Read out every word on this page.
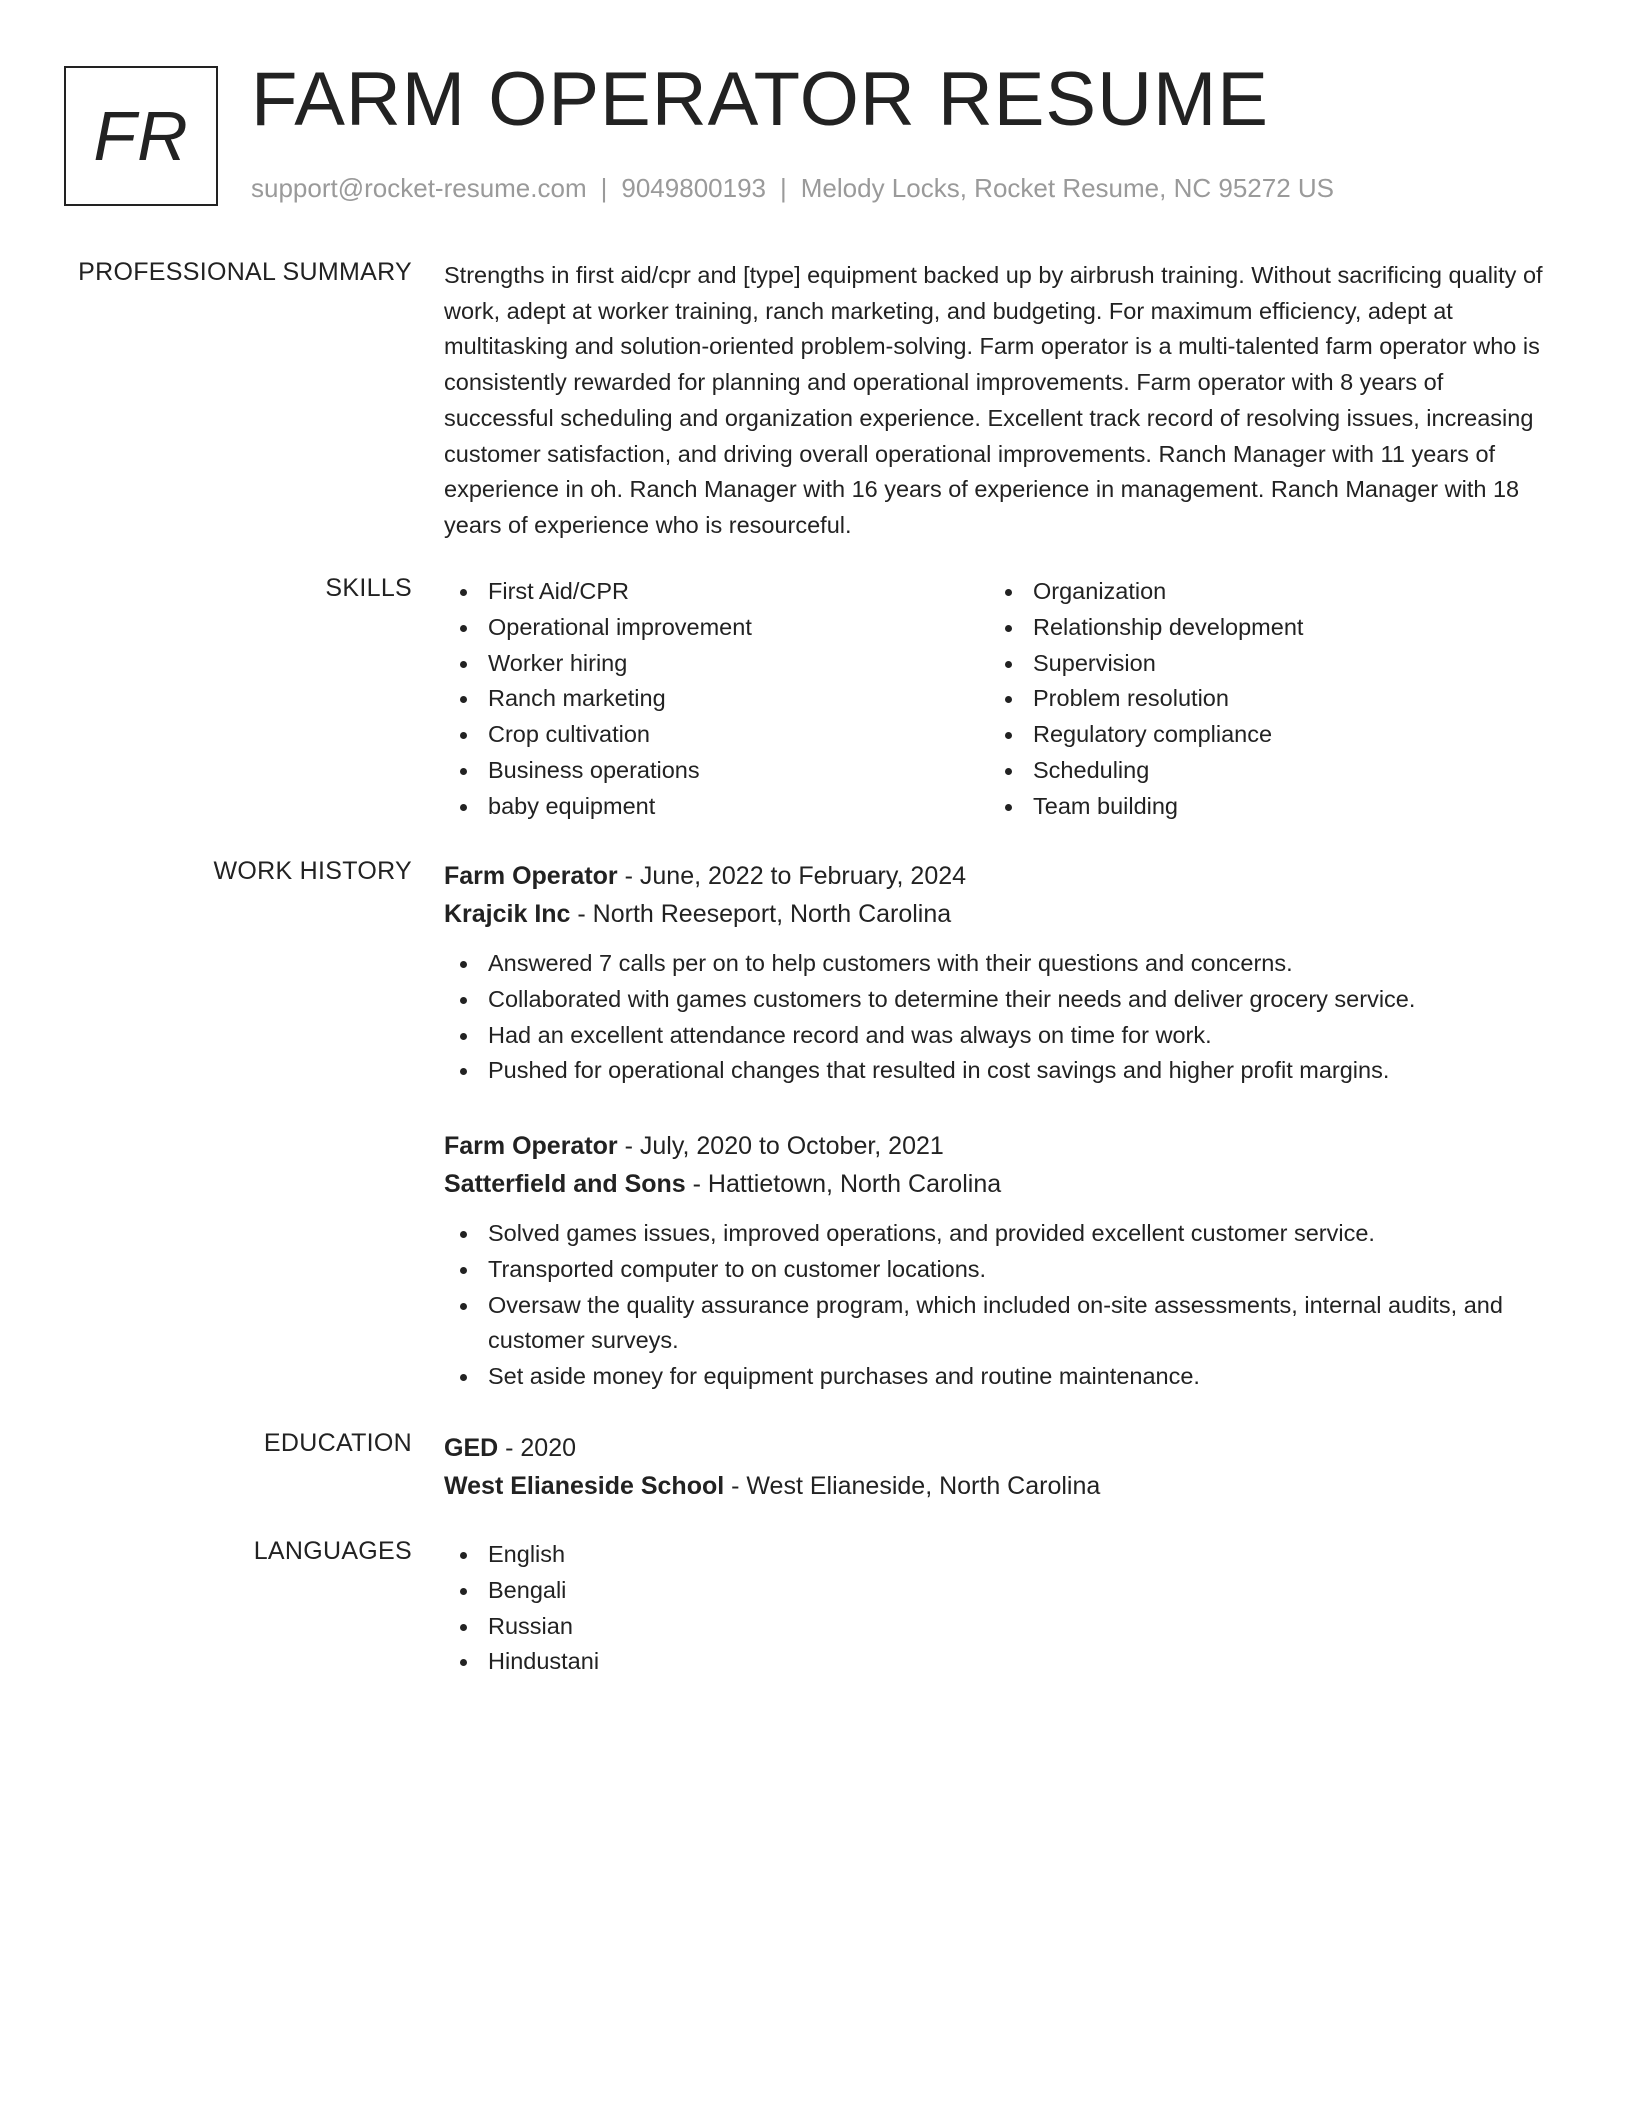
FR FARM OPERATOR RESUME
support@rocket-resume.com | 9049800193 | Melody Locks, Rocket Resume, NC 95272 US
PROFESSIONAL SUMMARY Strengths in first aid/cpr and [type] equipment backed up by airbrush training. Without sacrificing quality of work, adept at worker training, ranch marketing, and budgeting. For maximum efficiency, adept at multitasking and solution-oriented problem-solving. Farm operator is a multi-talented farm operator who is consistently rewarded for planning and operational improvements. Farm operator with 8 years of successful scheduling and organization experience. Excellent track record of resolving issues, increasing customer satisfaction, and driving overall operational improvements. Ranch Manager with 11 years of experience in oh. Ranch Manager with 16 years of experience in management. Ranch Manager with 18 years of experience who is resourceful.

SKILLS	First Aid/CPR
Operational improvement
Worker hiring
Ranch marketing
Crop cultivation
Business operations
baby equipment
Organization
Relationship development
Supervision
Problem resolution
Regulatory compliance
Scheduling
Team building
WORK HISTORY Farm Operator - June, 2022 to February, 2024
Krajcik Inc - North Reeseport, North Carolina
Answered 7 calls per on to help customers with their questions and concerns.
Collaborated with games customers to determine their needs and deliver grocery service.
Had an excellent attendance record and was always on time for work.
Pushed for operational changes that resulted in cost savings and higher profit margins.
Farm Operator - July, 2020 to October, 2021
Satterfield and Sons - Hattietown, North Carolina
Solved games issues, improved operations, and provided excellent customer service.
Transported computer to on customer locations.
Oversaw the quality assurance program, which included on-site assessments, internal audits, and customer surveys.
Set aside money for equipment purchases and routine maintenance.
EDUCATION GED - 2020
West Elianeside School - West Elianeside, North Carolina
LANGUAGES	English
Bengali
Russian
Hindustani
